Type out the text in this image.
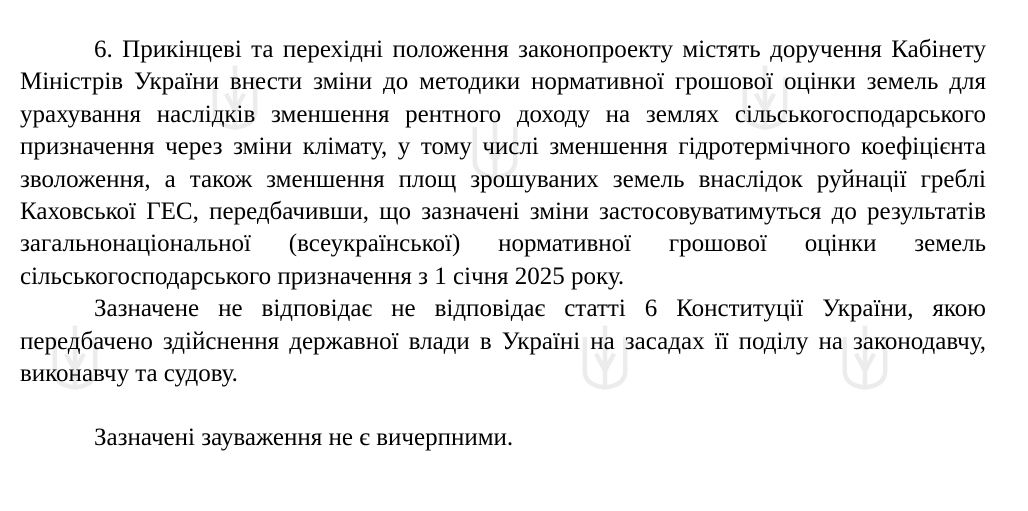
6. Прикінцеві та перехідні положення законопроекту містять доручення Кабінету Міністрів України внести зміни до методики нормативної грошової оцінки земель для урахування наслідків зменшення рентного доходу на землях сільськогосподарського призначення через зміни клімату, у тому числі зменшення гідротермічного коефіцієнта зволоження, а також зменшення площ зрошуваних земель внаслідок руйнації греблі Каховської ГЕС, передбачивши, що зазначені зміни застосовуватимуться до результатів загальнонаціональної (всеукраїнської) нормативної грошової оцінки земель сільськогосподарського призначення з 1 січня 2025 року.

Зазначене не відповідає не відповідає статті 6 Конституції України, якою передбачено здійснення державної влади в Україні на засадах її поділу на законодавчу, виконавчу та судову.

Зазначені зауваження не є вичерпними.
